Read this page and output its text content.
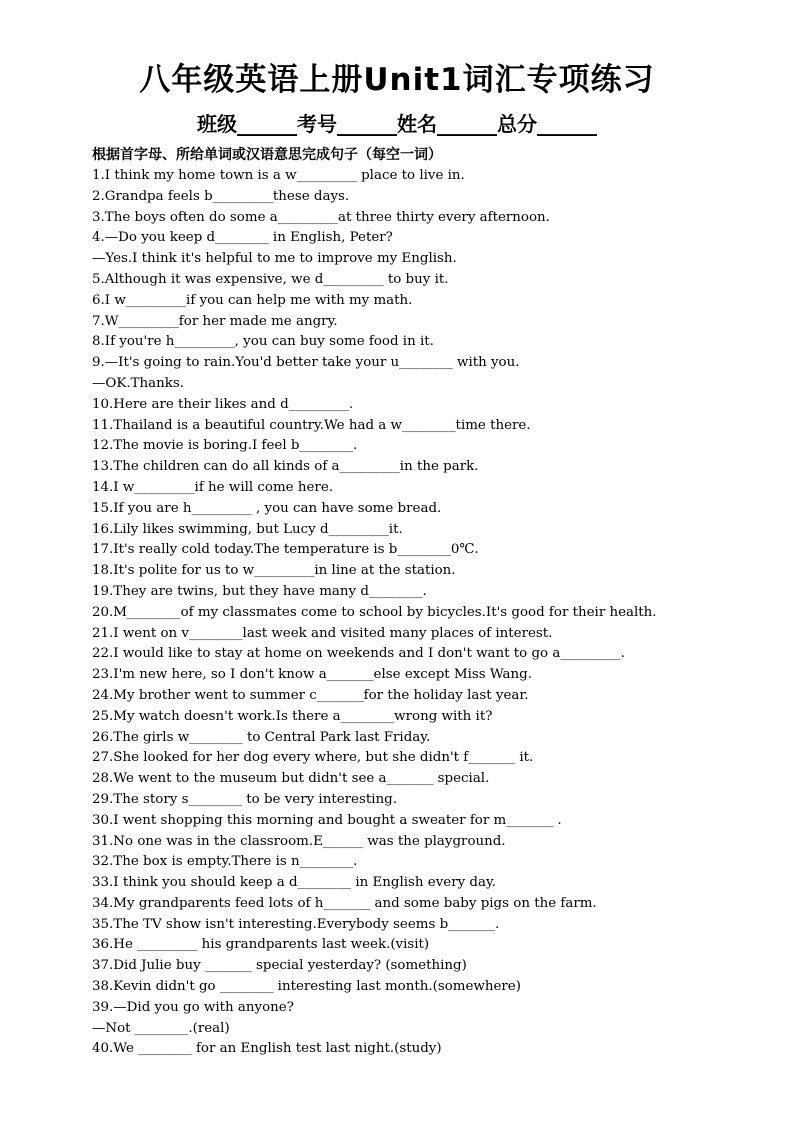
八年级英语上册Unit1词汇专项练习
班级______考号______姓名______总分______
根据首字母、所给单词或汉语意思完成句子（每空一词）
1.I think my home town is a w_________ place to live in.
2.Grandpa feels b_________these days.
3.The boys often do some a_________at three thirty every afternoon.
4.—Do you keep d________ in English, Peter?
—Yes.I think it's helpful to me to improve my English.
5.Although it was expensive, we d_________ to buy it.
6.I w_________if you can help me with my math.
7.W_________for her made me angry.
8.If you're h_________, you can buy some food in it.
9.—It's going to rain.You'd better take your u________ with you.
—OK.Thanks.
10.Here are their likes and d_________.
11.Thailand is a beautiful country.We had a w________time there.
12.The movie is boring.I feel b________.
13.The children can do all kinds of a_________in the park.
14.I w_________if he will come here.
15.If you are h_________ , you can have some bread.
16.Lily likes swimming, but Lucy d_________it.
17.It's really cold today.The temperature is b________0℃.
18.It's polite for us to w_________in line at the station.
19.They are twins, but they have many d________.
20.M________of my classmates come to school by bicycles.It's good for their health.
21.I went on v________last week and visited many places of interest.
22.I would like to stay at home on weekends and I don't want to go a_________.
23.I'm new here, so I don't know a_______else except Miss Wang.
24.My brother went to summer c_______for the holiday last year.
25.My watch doesn't work.Is there a________wrong with it?
26.The girls w________ to Central Park last Friday.
27.She looked for her dog every where, but she didn't f_______ it.
28.We went to the museum but didn't see a_______ special.
29.The story s________ to be very interesting.
30.I went shopping this morning and bought a sweater for m_______ .
31.No one was in the classroom.E______ was the playground.
32.The box is empty.There is n________.
33.I think you should keep a d________ in English every day.
34.My grandparents feed lots of h_______ and some baby pigs on the farm.
35.The TV show isn't interesting.Everybody seems b_______.
36.He _________ his grandparents last week.(visit)
37.Did Julie buy _______ special yesterday? (something)
38.Kevin didn't go ________ interesting last month.(somewhere)
39.—Did you go with anyone?
—Not ________.(real)
40.We ________ for an English test last night.(study)
